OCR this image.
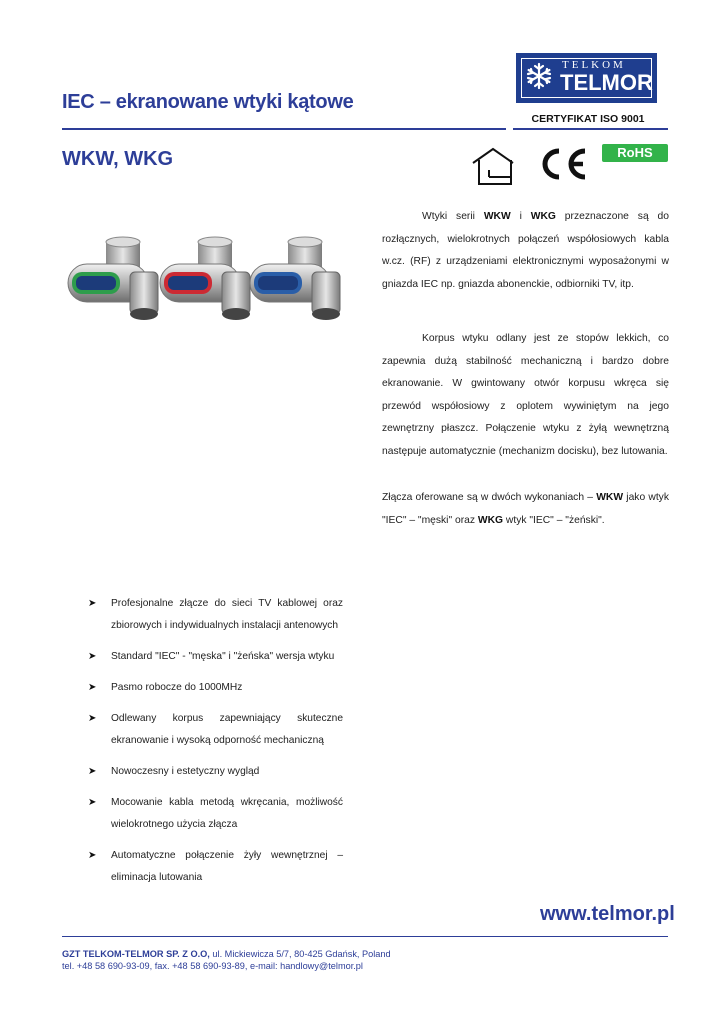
TELKOM
TELMOR
CERTYFIKAT ISO 9001
IEC – ekranowane wtyki kątowe
WKW, WKG	RoHS

Wtyki serii WKW i WKG przeznaczone są do rozłącznych, wielokrotnych połączeń współosiowych kabla w.cz. (RF) z urządzeniami elektronicznymi wyposażonymi w gniazda IEC np. gniazda abonenckie, odbiorniki TV, itp.

Korpus wtyku odlany jest ze stopów lekkich, co zapewnia dużą stabilność mechaniczną i bardzo dobre ekranowanie. W gwintowany otwór korpusu wkręca się przewód współosiowy z oplotem wywiniętym na jego zewnętrzny płaszcz. Połączenie wtyku z żyłą wewnętrzną następuje automatycznie (mechanizm docisku), bez lutowania.

Złącza oferowane są w dwóch wykonaniach – WKW jako wtyk "IEC" – "męski" oraz WKG wtyk "IEC" – "żeński".

➤ Profesjonalne złącze do sieci TV kablowej oraz zbiorowych i indywidualnych instalacji antenowych
➤ Standard "IEC" - "męska" i "żeńska" wersja wtyku
➤ Pasmo robocze do 1000MHz
➤ Odlewany korpus zapewniający skuteczne ekranowanie i wysoką odporność mechaniczną
➤ Nowoczesny i estetyczny wygląd
➤ Mocowanie kabla metodą wkręcania, możliwość wielokrotnego użycia złącza
➤ Automatyczne połączenie żyły wewnętrznej – eliminacja lutowania
www.telmor.pl
GZT TELKOM-TELMOR SP. Z O.O, ul. Mickiewicza 5/7, 80-425 Gdańsk, Poland
tel. +48 58 690-93-09, fax. +48 58 690-93-89, e-mail: handlowy@telmor.pl
